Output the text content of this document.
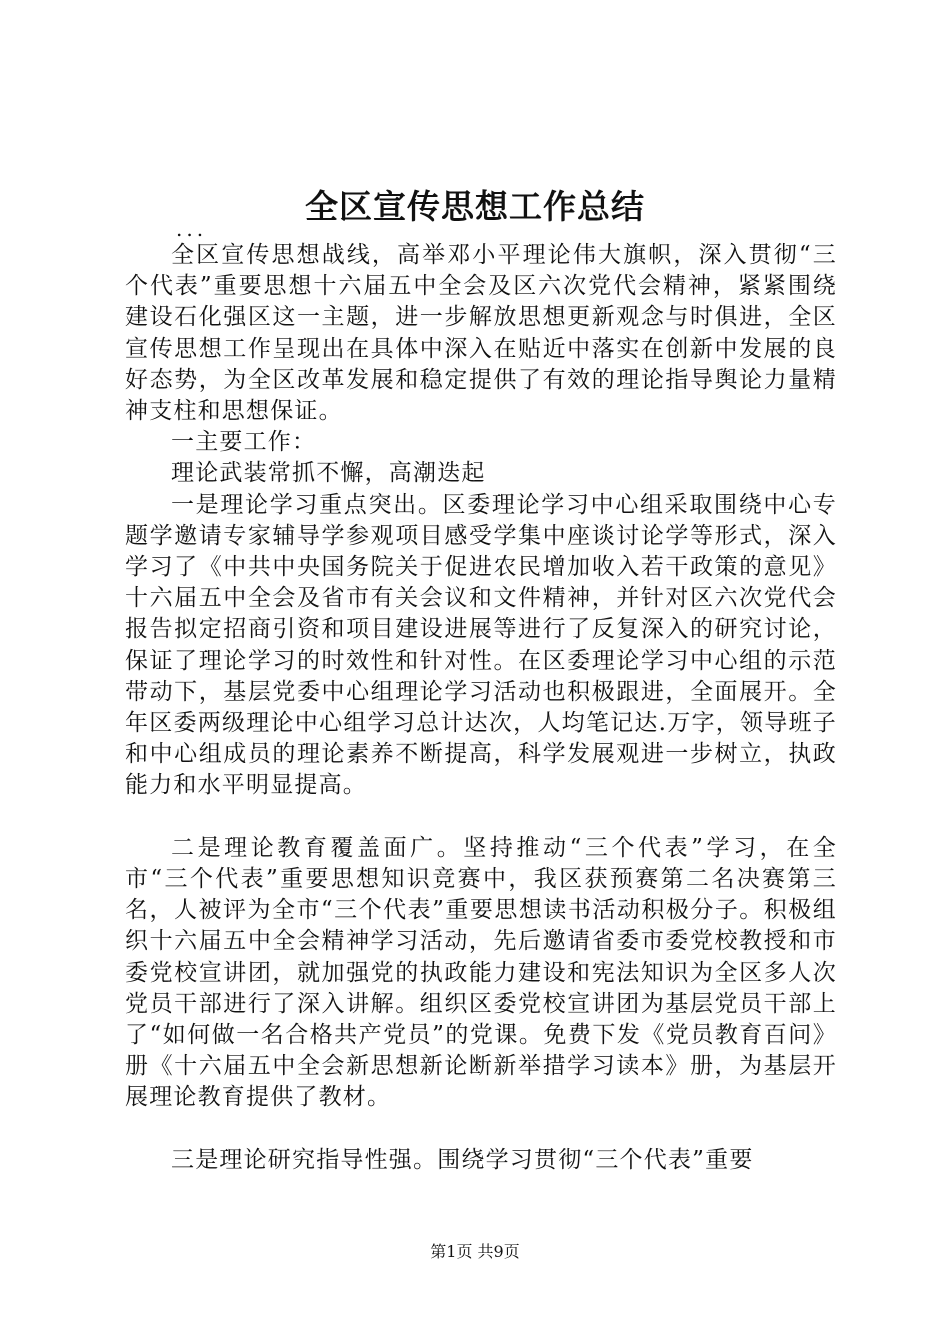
全区宣传思想工作总结
...

全区宣传思想战线，高举邓小平理论伟大旗帜，深入贯彻“三个代表”重要思想十六届五中全会及区六次党代会精神，紧紧围绕建设石化强区这一主题，进一步解放思想更新观念与时俱进，全区宣传思想工作呈现出在具体中深入在贴近中落实在创新中发展的良好态势，为全区改革发展和稳定提供了有效的理论指导舆论力量精神支柱和思想保证。

一主要工作：

理论武装常抓不懈，高潮迭起

一是理论学习重点突出。区委理论学习中心组采取围绕中心专题学邀请专家辅导学参观项目感受学集中座谈讨论学等形式，深入学习了《中共中央国务院关于促进农民增加收入若干政策的意见》十六届五中全会及省市有关会议和文件精神，并针对区六次党代会报告拟定招商引资和项目建设进展等进行了反复深入的研究讨论，保证了理论学习的时效性和针对性。在区委理论学习中心组的示范带动下，基层党委中心组理论学习活动也积极跟进，全面展开。全年区委两级理论中心组学习总计达次，人均笔记达.万字，领导班子和中心组成员的理论素养不断提高，科学发展观进一步树立，执政能力和水平明显提高。

二是理论教育覆盖面广。坚持推动“三个代表”学习，在全市“三个代表”重要思想知识竞赛中，我区获预赛第二名决赛第三名，人被评为全市“三个代表”重要思想读书活动积极分子。积极组织十六届五中全会精神学习活动，先后邀请省委市委党校教授和市委党校宣讲团，就加强党的执政能力建设和宪法知识为全区多人次党员干部进行了深入讲解。组织区委党校宣讲团为基层党员干部上了“如何做一名合格共产党员”的党课。免费下发《党员教育百问》册《十六届五中全会新思想新论断新举措学习读本》册，为基层开展理论教育提供了教材。

三是理论研究指导性强。围绕学习贯彻“三个代表”重要

第1页 共9页
